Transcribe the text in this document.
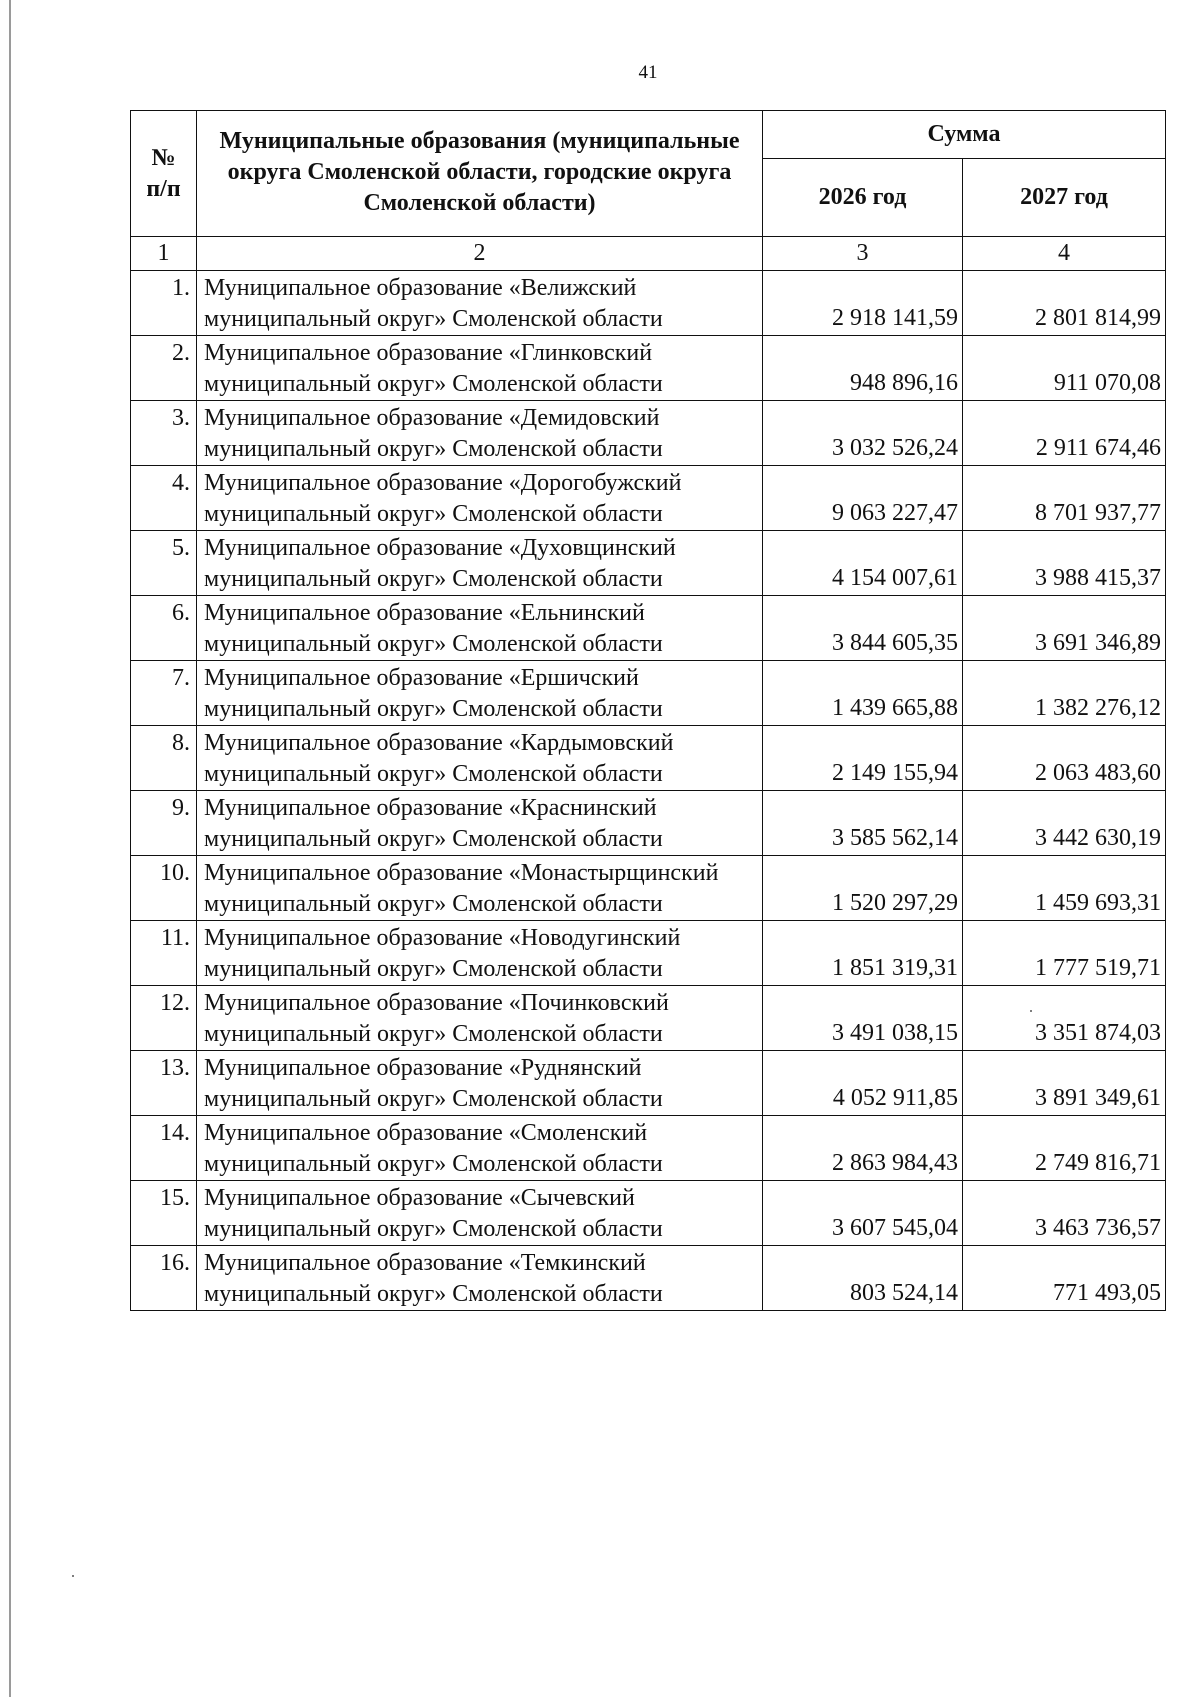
41
№
п/п	Муниципальные образования (муниципальные округа Смоленской области, городские округа Смоленской области)	Сумма	
		2026 год	2027 год
1	2	3	4
1.	Муниципальное образование «Велижский муниципальный округ» Смоленской области	2 918 141,59	2 801 814,99
2.	Муниципальное образование «Глинковский муниципальный округ» Смоленской области	948 896,16	911 070,08
3.	Муниципальное образование «Демидовский муниципальный округ» Смоленской области	3 032 526,24	2 911 674,46
4.	Муниципальное образование «Дорогобужский муниципальный округ» Смоленской области	9 063 227,47	8 701 937,77
5.	Муниципальное образование «Духовщинский муниципальный округ» Смоленской области	4 154 007,61	3 988 415,37
6.	Муниципальное образование «Ельнинский муниципальный округ» Смоленской области	3 844 605,35	3 691 346,89
7.	Муниципальное образование «Ершичский муниципальный округ» Смоленской области	1 439 665,88	1 382 276,12
8.	Муниципальное образование «Кардымовский муниципальный округ» Смоленской области	2 149 155,94	2 063 483,60
9.	Муниципальное образование «Краснинский муниципальный округ» Смоленской области	3 585 562,14	3 442 630,19
10.	Муниципальное образование «Монастырщинский муниципальный округ» Смоленской области	1 520 297,29	1 459 693,31
11.	Муниципальное образование «Новодугинский муниципальный округ» Смоленской области	1 851 319,31	1 777 519,71
12.	Муниципальное образование «Починковский муниципальный округ» Смоленской области	3 491 038,15	3 351 874,03
13.	Муниципальное образование «Руднянский муниципальный округ» Смоленской области	4 052 911,85	3 891 349,61
14.	Муниципальное образование «Смоленский муниципальный округ» Смоленской области	2 863 984,43	2 749 816,71
15.	Муниципальное образование «Сычевский муниципальный округ» Смоленской области	3 607 545,04	3 463 736,57
16.	Муниципальное образование «Темкинский муниципальный округ» Смоленской области	803 524,14	771 493,05
